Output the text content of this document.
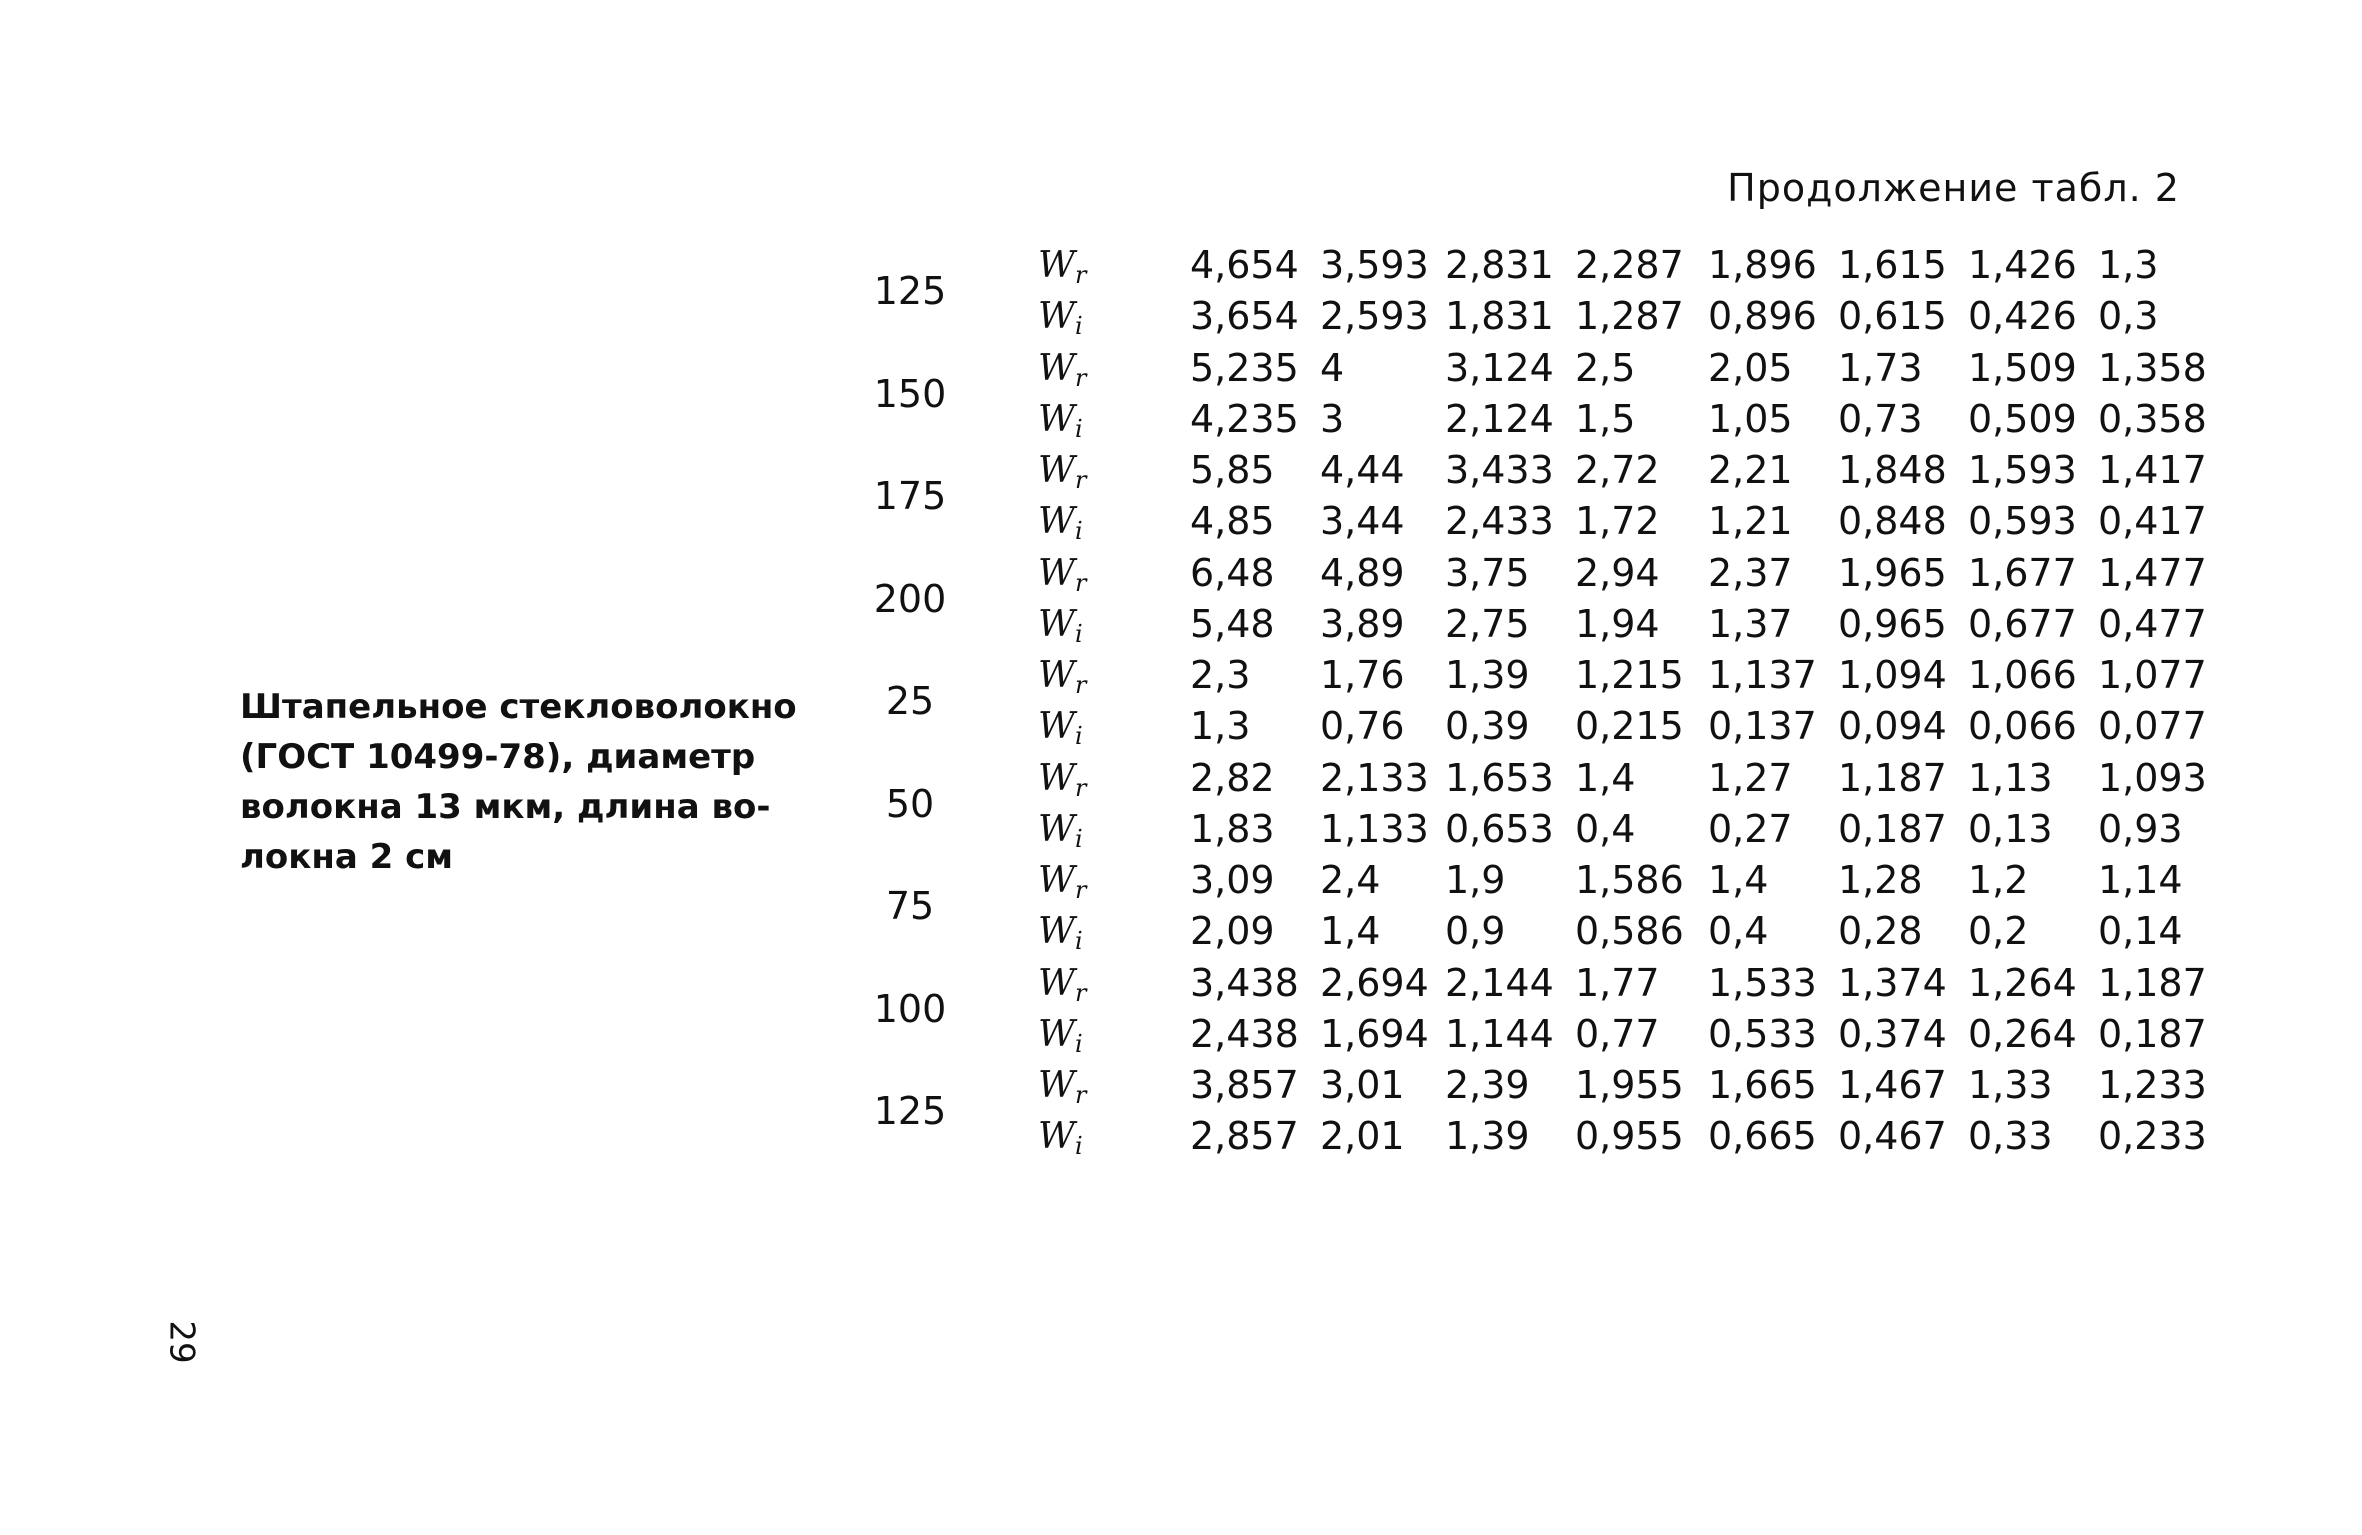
Продолжение табл. 2
Штапельное стекловолокно
(ГОСТ 10499-78), диаметр
волокна 13 мкм, длина во-
локна 2 см
125
$W_r$	4,654 3,593 2,831 2,287 1,896 1,615 1,426 1,3
$W_i$	3,654 2,593 1,831 1,287 0,896 0,615 0,426 0,3
150
$W_r$	5,235 4	3,124 2,5 2,05 1,73 1,509 1,358
$W_i$	4,235 3	2,124 1,5 1,05 0,73 0,509 0,358
175
$W_r$	5,85 4,44 3,433 2,72 2,21 1,848 1,593 1,417
$W_i$	4,85 3,44 2,433 1,72 1,21 0,848 0,593 0,417
200
$W_r$	6,48 4,89 3,75 2,94 2,37 1,965 1,677 1,477
$W_i$	5,48 3,89 2,75 1,94 1,37 0,965 0,677 0,477
25
$W_r$	2,3 1,76 1,39 1,215 1,137 1,094 1,066 1,077
$W_i$	1,3 0,76 0,39 0,215 0,137 0,094 0,066 0,077
50
$W_r$	2,82 2,133 1,653 1,4 1,27 1,187 1,13 1,093
$W_i$	1,83 1,133 0,653 0,4 0,27 0,187 0,13 0,93
75
$W_r$	3,09 2,4 1,9 1,586 1,4 1,28 1,2 1,14
$W_i$	2,09 1,4 0,9 0,586 0,4 0,28 0,2 0,14
100
$W_r$	3,438 2,694 2,144 1,77 1,533 1,374 1,264 1,187
$W_i$	2,438 1,694 1,144 0,77 0,533 0,374 0,264 0,187
125
$W_r$	3,857 3,01 2,39 1,955 1,665 1,467 1,33 1,233
$W_i$	2,857 2,01 1,39 0,955 0,665 0,467 0,33 0,233
29
